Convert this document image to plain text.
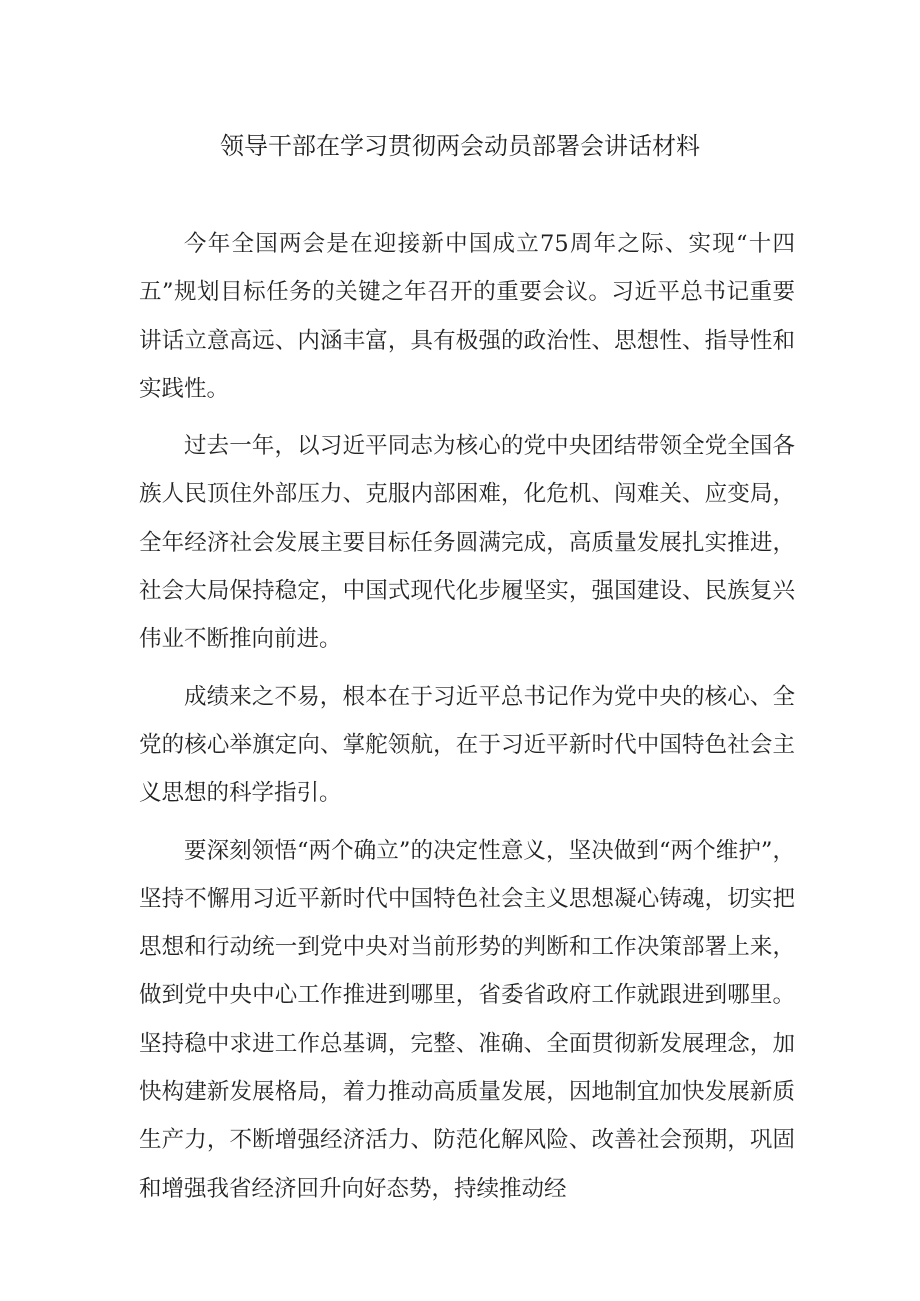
领导干部在学习贯彻两会动员部署会讲话材料

今年全国两会是在迎接新中国成立75周年之际、实现“十四五”规划目标任务的关键之年召开的重要会议。习近平总书记重要讲话立意高远、内涵丰富，具有极强的政治性、思想性、指导性和实践性。

过去一年，以习近平同志为核心的党中央团结带领全党全国各族人民顶住外部压力、克服内部困难，化危机、闯难关、应变局，全年经济社会发展主要目标任务圆满完成，高质量发展扎实推进，社会大局保持稳定，中国式现代化步履坚实，强国建设、民族复兴伟业不断推向前进。

成绩来之不易，根本在于习近平总书记作为党中央的核心、全党的核心举旗定向、掌舵领航，在于习近平新时代中国特色社会主义思想的科学指引。

要深刻领悟“两个确立”的决定性意义，坚决做到“两个维护”，坚持不懈用习近平新时代中国特色社会主义思想凝心铸魂，切实把思想和行动统一到党中央对当前形势的判断和工作决策部署上来，做到党中央中心工作推进到哪里，省委省政府工作就跟进到哪里。坚持稳中求进工作总基调，完整、准确、全面贯彻新发展理念，加快构建新发展格局，着力推动高质量发展，因地制宜加快发展新质生产力，不断增强经济活力、防范化解风险、改善社会预期，巩固和增强我省经济回升向好态势，持续推动经
